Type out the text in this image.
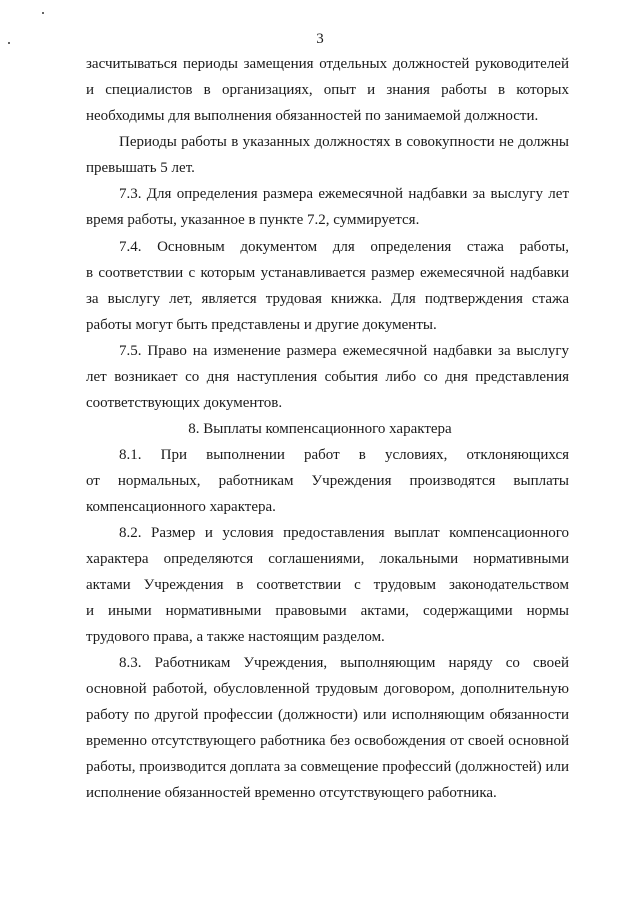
3
засчитываться периоды замещения отдельных должностей руководителей
и специалистов в организациях, опыт и знания работы в которых
необходимы для выполнения обязанностей по занимаемой должности.
Периоды работы в указанных должностях в совокупности не должны
превышать 5 лет.
7.3. Для определения размера ежемесячной надбавки за выслугу лет
время работы, указанное в пункте 7.2, суммируется.
7.4. Основным документом для определения стажа работы,
в соответствии с которым устанавливается размер ежемесячной надбавки
за выслугу лет, является трудовая книжка. Для подтверждения стажа
работы могут быть представлены и другие документы.
7.5. Право на изменение размера ежемесячной надбавки за выслугу
лет возникает со дня наступления события либо со дня представления
соответствующих документов.
8. Выплаты компенсационного характера
8.1. При выполнении работ в условиях, отклоняющихся
от нормальных, работникам Учреждения производятся выплаты
компенсационного характера.
8.2. Размер и условия предоставления выплат компенсационного
характера определяются соглашениями, локальными нормативными
актами Учреждения в соответствии с трудовым законодательством
и иными нормативными правовыми актами, содержащими нормы
трудового права, а также настоящим разделом.
8.3. Работникам Учреждения, выполняющим наряду со своей
основной работой, обусловленной трудовым договором, дополнительную
работу по другой профессии (должности) или исполняющим обязанности
временно отсутствующего работника без освобождения от своей основной
работы, производится доплата за совмещение профессий (должностей) или
исполнение обязанностей временно отсутствующего работника.
